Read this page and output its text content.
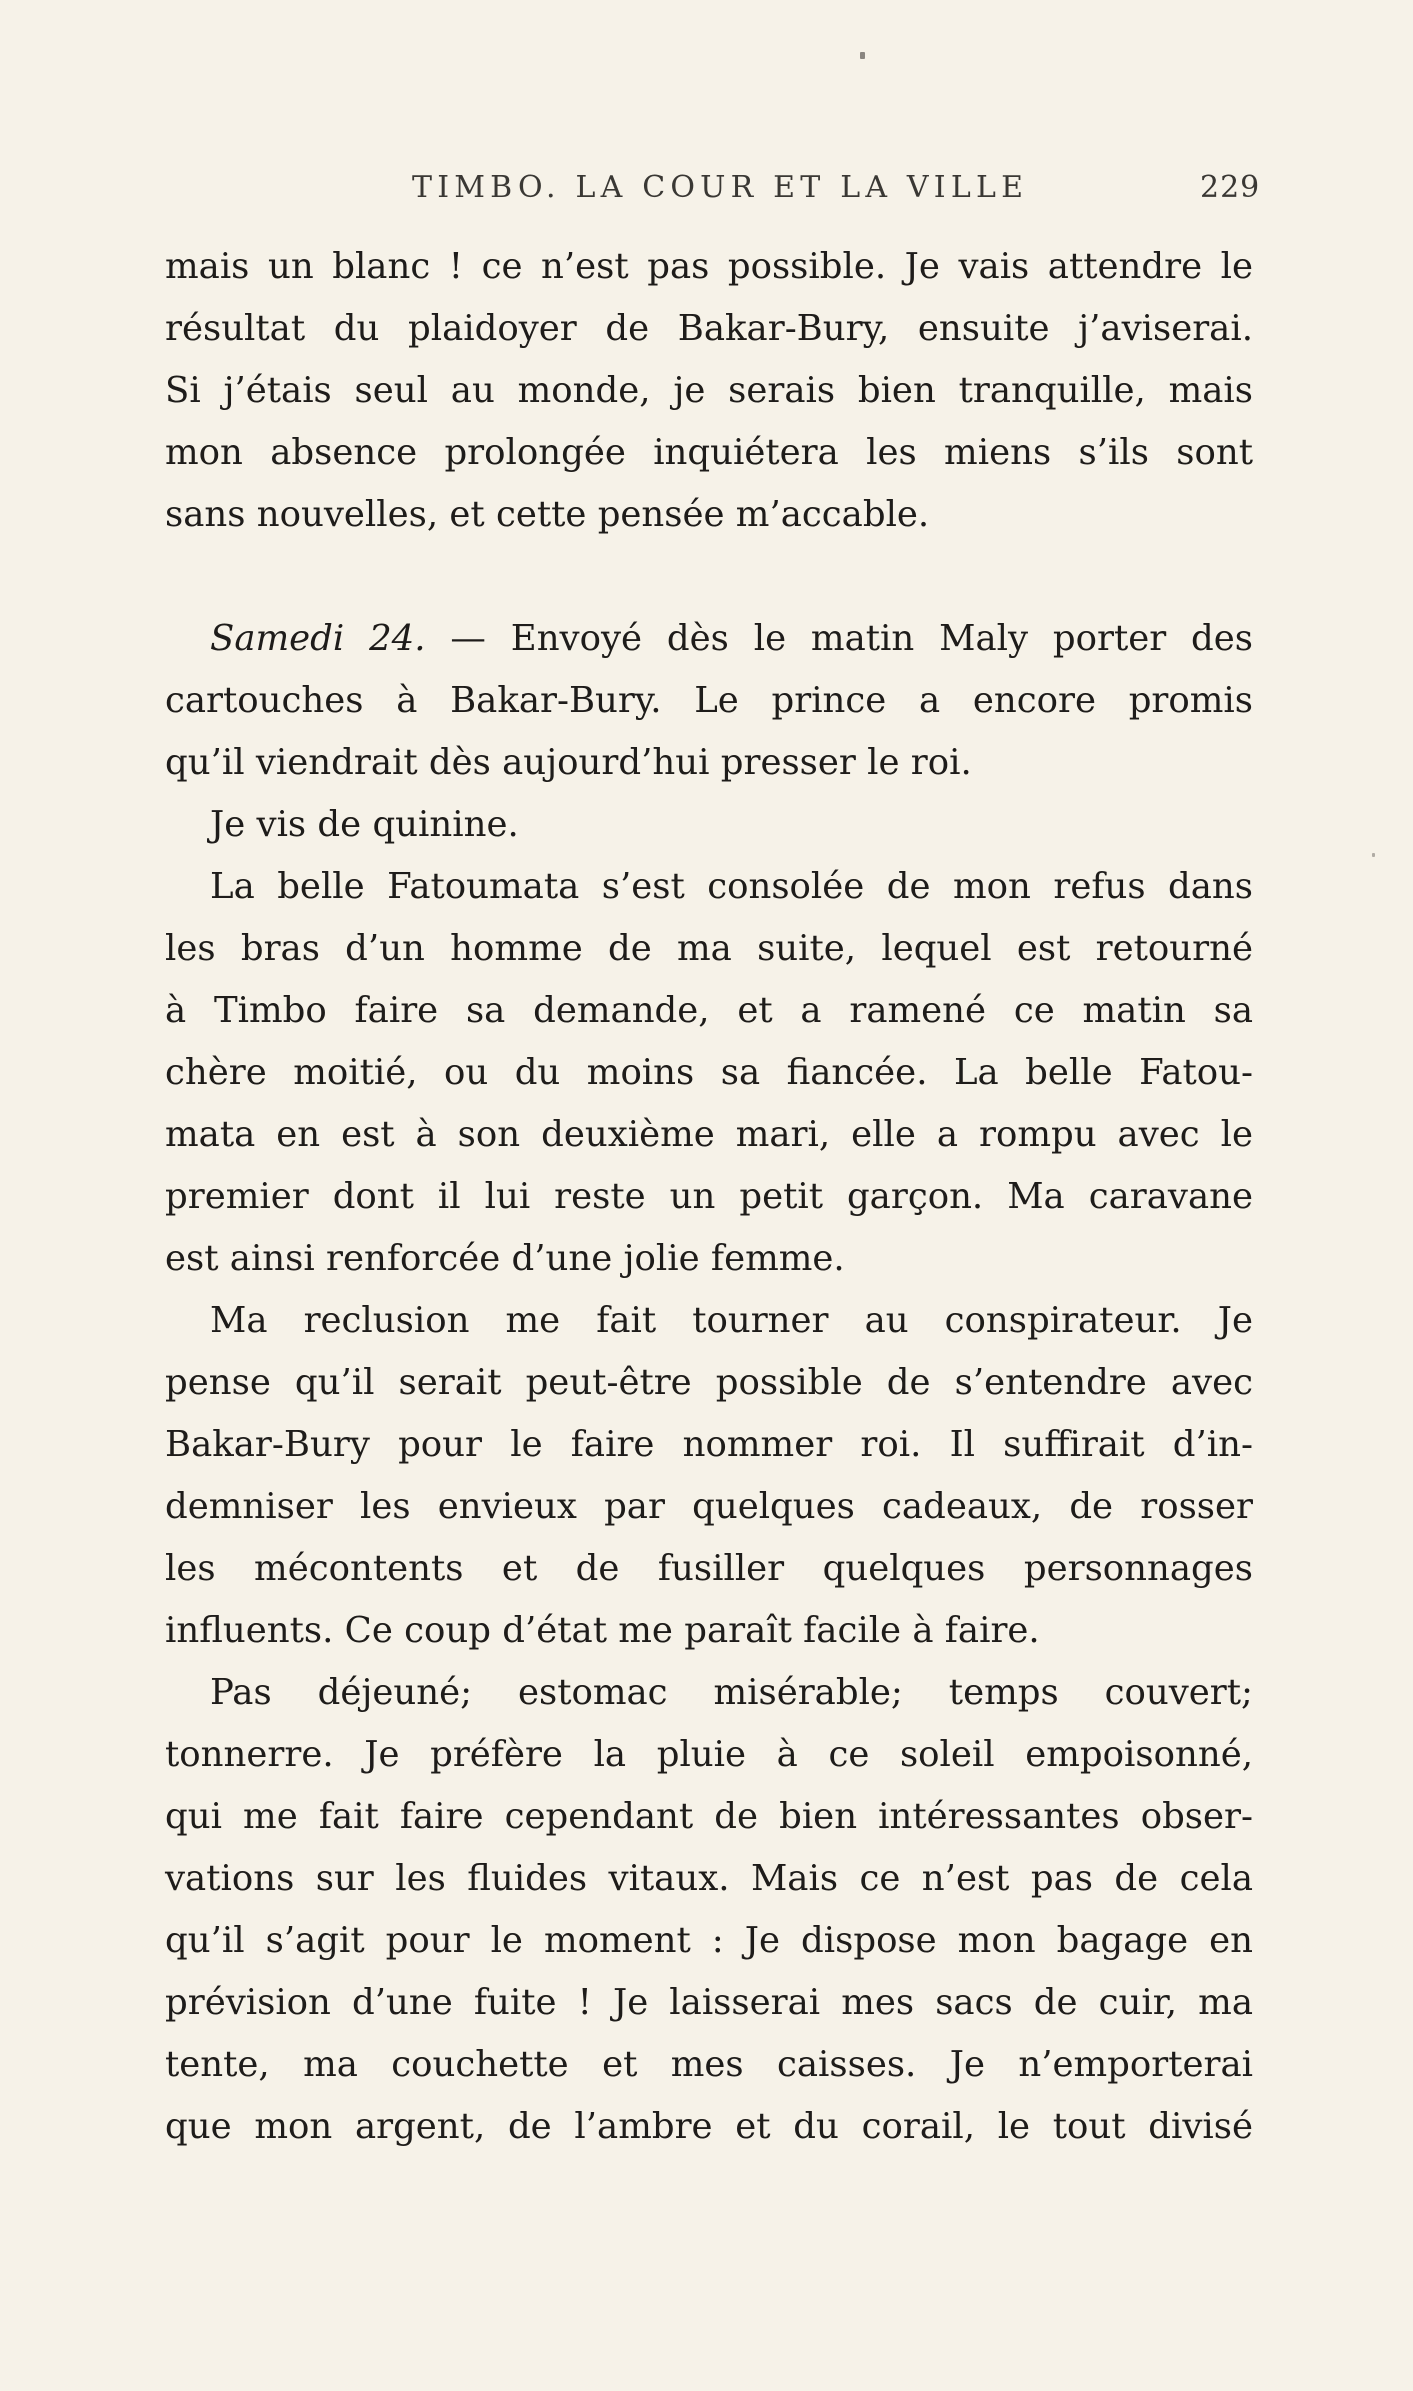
TIMBO. LA COUR ET LA VILLE	229
mais un blanc ! ce n’est pas possible. Je vais attendre le
résultat du plaidoyer de Bakar-Bury, ensuite j’aviserai.
Si j’étais seul au monde, je serais bien tranquille, mais
mon absence prolongée inquiétera les miens s’ils sont
sans nouvelles, et cette pensée m’accable.
Samedi 24. — Envoyé dès le matin Maly porter des
cartouches à Bakar-Bury. Le prince a encore promis
qu’il viendrait dès aujourd’hui presser le roi.
Je vis de quinine.
La belle Fatoumata s’est consolée de mon refus dans
les bras d’un homme de ma suite, lequel est retourné
à Timbo faire sa demande, et a ramené ce matin sa
chère moitié, ou du moins sa fiancée. La belle Fatou-
mata en est à son deuxième mari, elle a rompu avec le
premier dont il lui reste un petit garçon. Ma caravane
est ainsi renforcée d’une jolie femme.
Ma reclusion me fait tourner au conspirateur. Je
pense qu’il serait peut-être possible de s’entendre avec
Bakar-Bury pour le faire nommer roi. Il suffirait d’in-
demniser les envieux par quelques cadeaux, de rosser
les mécontents et de fusiller quelques personnages
influents. Ce coup d’état me paraît facile à faire.
Pas déjeuné; estomac misérable; temps couvert;
tonnerre. Je préfère la pluie à ce soleil empoisonné,
qui me fait faire cependant de bien intéressantes obser-
vations sur les fluides vitaux. Mais ce n’est pas de cela
qu’il s’agit pour le moment : Je dispose mon bagage en
prévision d’une fuite ! Je laisserai mes sacs de cuir, ma
tente, ma couchette et mes caisses. Je n’emporterai
que mon argent, de l’ambre et du corail, le tout divisé
